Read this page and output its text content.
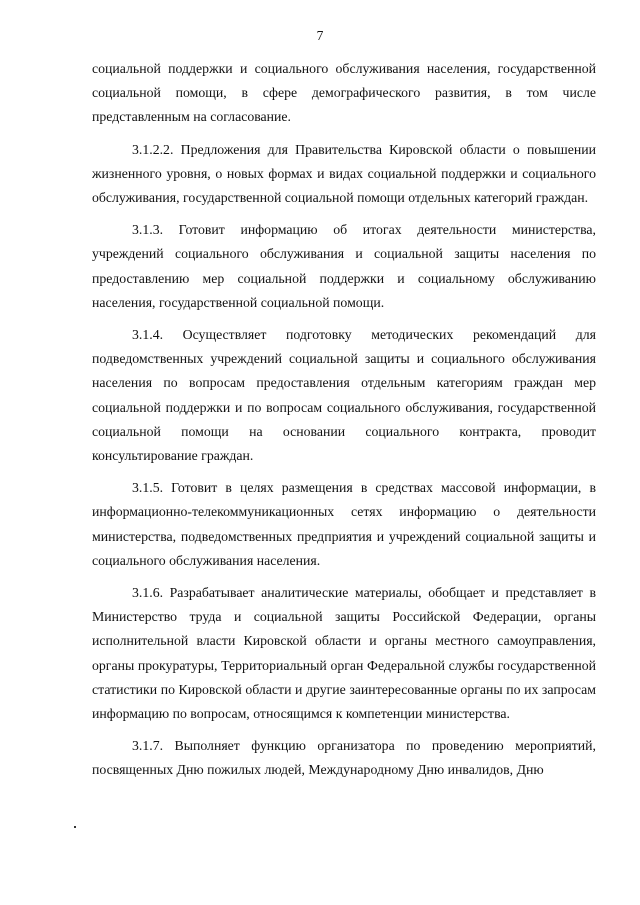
7

социальной поддержки и социального обслуживания населения, государственной социальной помощи, в сфере демографического развития, в том числе представленным на согласование.

3.1.2.2. Предложения для Правительства Кировской области о повышении жизненного уровня, о новых формах и видах социальной поддержки и социального обслуживания, государственной социальной помощи отдельных категорий граждан.

3.1.3. Готовит информацию об итогах деятельности министерства, учреждений социального обслуживания и социальной защиты населения по предоставлению мер социальной поддержки и социальному обслуживанию населения, государственной социальной помощи.

3.1.4. Осуществляет подготовку методических рекомендаций для подведомственных учреждений социальной защиты и социального обслуживания населения по вопросам предоставления отдельным категориям граждан мер социальной поддержки и по вопросам социального обслуживания, государственной социальной помощи на основании социального контракта, проводит консультирование граждан.

3.1.5. Готовит в целях размещения в средствах массовой информации, в информационно-телекоммуникационных сетях информацию о деятельности министерства, подведомственных предприятия и учреждений социальной защиты и социального обслуживания населения.

3.1.6. Разрабатывает аналитические материалы, обобщает и представляет в Министерство труда и социальной защиты Российской Федерации, органы исполнительной власти Кировской области и органы местного самоуправления, органы прокуратуры, Территориальный орган Федеральной службы государственной статистики по Кировской области и другие заинтересованные органы по их запросам информацию по вопросам, относящимся к компетенции министерства.

3.1.7. Выполняет функцию организатора по проведению мероприятий, посвященных Дню пожилых людей, Международному Дню инвалидов, Дню
